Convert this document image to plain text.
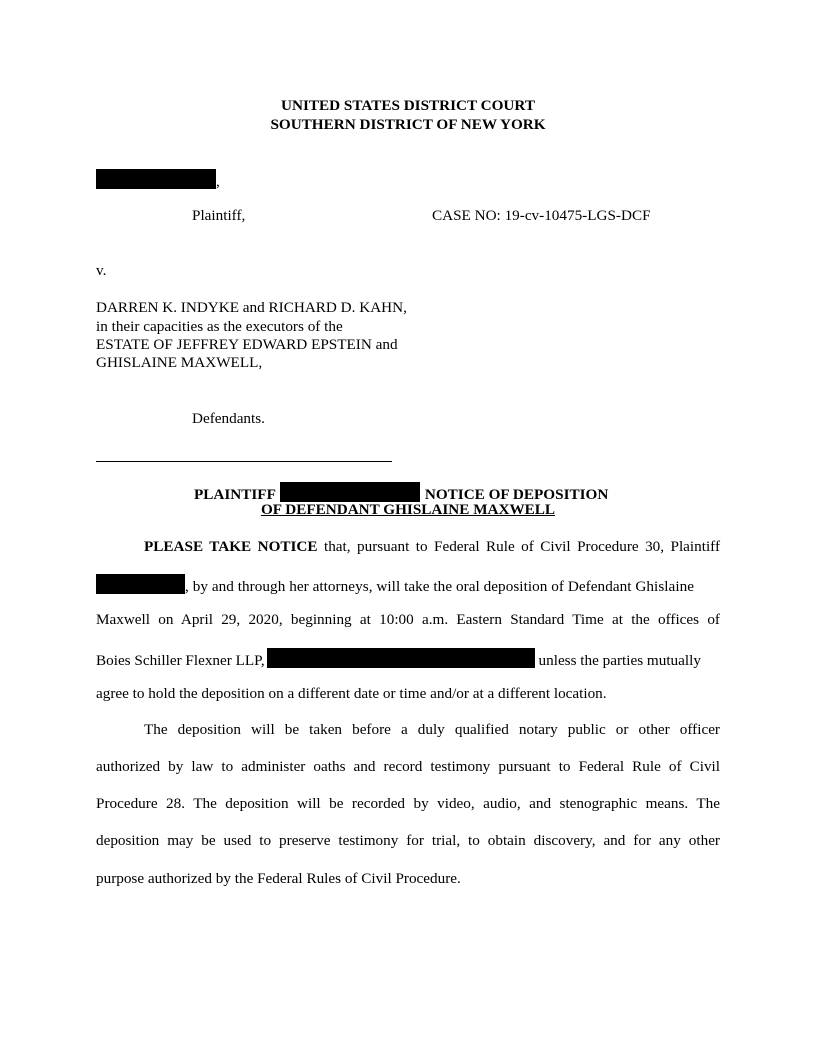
UNITED STATES DISTRICT COURT
SOUTHERN DISTRICT OF NEW YORK
,
Plaintiff,	CASE NO: 19-cv-10475-LGS-DCF
v.
DARREN K. INDYKE and RICHARD D. KAHN,
in their capacities as the executors of the
ESTATE OF JEFFREY EDWARD EPSTEIN and
GHISLAINE MAXWELL,
Defendants.
PLAINTIFF	NOTICE OF DEPOSITION
OF DEFENDANT GHISLAINE MAXWELL
PLEASE TAKE NOTICE that, pursuant to Federal Rule of Civil Procedure 30, Plaintiff
, by and through her attorneys, will take the oral deposition of Defendant Ghislaine
Maxwell on April 29, 2020, beginning at 10:00 a.m. Eastern Standard Time at the offices of
Boies Schiller Flexner LLP,	unless the parties mutually
agree to hold the deposition on a different date or time and/or at a different location.
The deposition will be taken before a duly qualified notary public or other officer
authorized by law to administer oaths and record testimony pursuant to Federal Rule of Civil
Procedure 28. The deposition will be recorded by video, audio, and stenographic means. The
deposition may be used to preserve testimony for trial, to obtain discovery, and for any other
purpose authorized by the Federal Rules of Civil Procedure.
